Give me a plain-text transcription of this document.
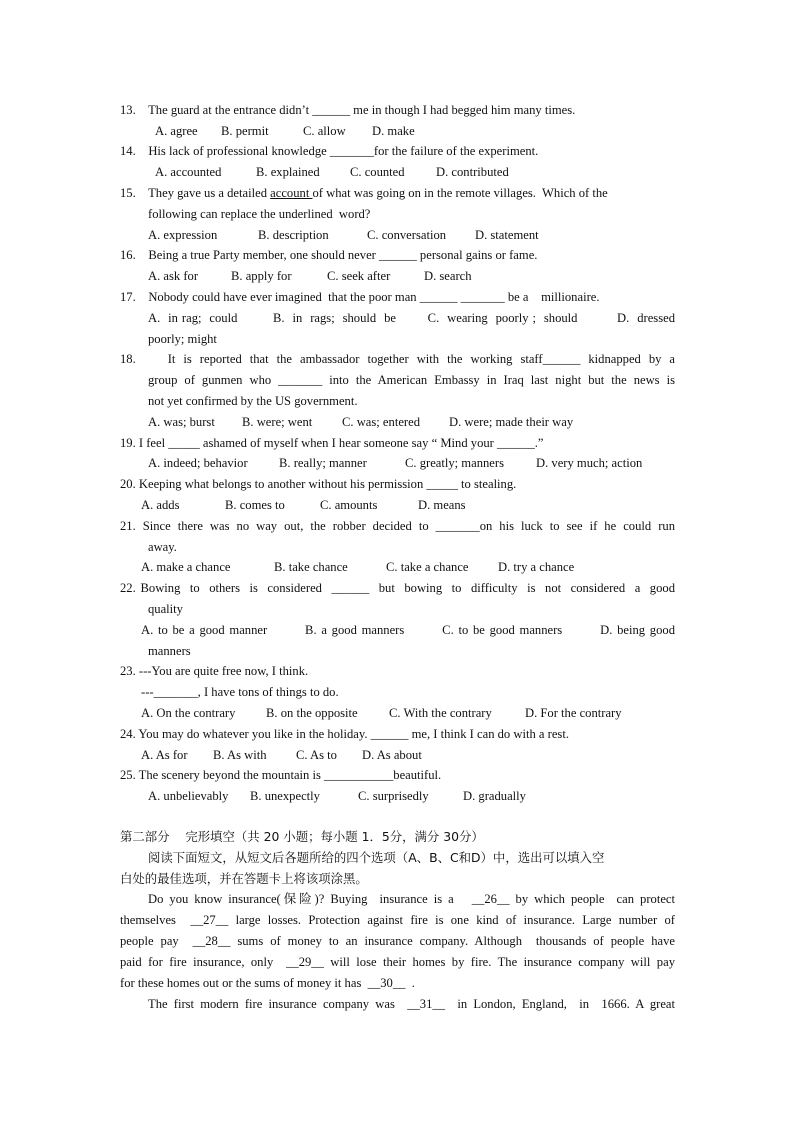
13.    The guard at the entrance didn’t ______ me in though I had begged him many times.
A. agree B. permit	C. allow D. make
14.    His lack of professional knowledge _______for the failure of the experiment.
A. accounted	B. explained C. counted D. contributed
15.    They gave us a detailed account of what was going on in the remote villages.  Which of the
following can replace the underlined  word?
A. expression	B. description	C. conversation D. statement
16.    Being a true Party member, one should never ______ personal gains or fame.
A. ask for	B. apply for	C. seek after	D. search
17.    Nobody could have ever imagined  that the poor man ______ _______ be a    millionaire.
A.  in rag;  could         B.  in  rags;  should  be        C.  wearing  poorly ;  should          D.  dressed
poorly; might
18.    It is reported that the ambassador together with the working staff______ kidnapped by a
group of gunmen who _______ into the American Embassy in Iraq last night but the news is
not yet confirmed by the US government.
A. was; burst B. were; went C. was; entered D. were; made their way
19. I feel _____ ashamed of myself when I hear someone say “ Mind your ______.”
A. indeed; behavior B. really; manner	C. greatly; manners	D. very much; action
20. Keeping what belongs to another without his permission _____ to stealing.
A. adds	B. comes to	C. amounts	D. means
21. Since there was no way out, the robber decided to _______on his luck to see if he could run
away.
A. make a chance	B. take chance	C. take a chance D. try a chance
22. Bowing  to  others  is  considered  ______  but  bowing  to  difficulty  is  not  considered  a  good
quality
A. to be a good manner        B. a good manners        C. to be good manners        D. being good
manners
23. ---You are quite free now, I think.
---_______, I have tons of things to do.
A. On the contrary B. on the opposite C. With the contrary	D. For the contrary
24. You may do whatever you like in the holiday. ______ me, I think I can do with a rest.
A. As for B. As with C. As to D. As about
25. The scenery beyond the mountain is ___________beautiful.
A. unbelievably B. unexpectly	C. surprisedly	D. gradually
第二部分    完形填空（共 20 小题；每小题 1．5分，满分 30分）
阅读下面短文，从短文后各题所给的四个选项（A、B、C和D）中，选出可以填入空
白处的最佳选项，并在答题卡上将该项涂黑。
Do you know insurance(保险)? Buying  insurance is a   __26__ by which people  can protect
themselves  __27__ large losses. Protection against fire is one kind of insurance. Large number of
people pay  __28__ sums of money to an insurance company. Although  thousands of people have
paid for fire insurance, only  __29__ will lose their homes by fire. The insurance company will pay
for these homes out or the sums of money it has  __30__  .
The first modern fire insurance company was  __31__  in London, England,  in  1666. A great
